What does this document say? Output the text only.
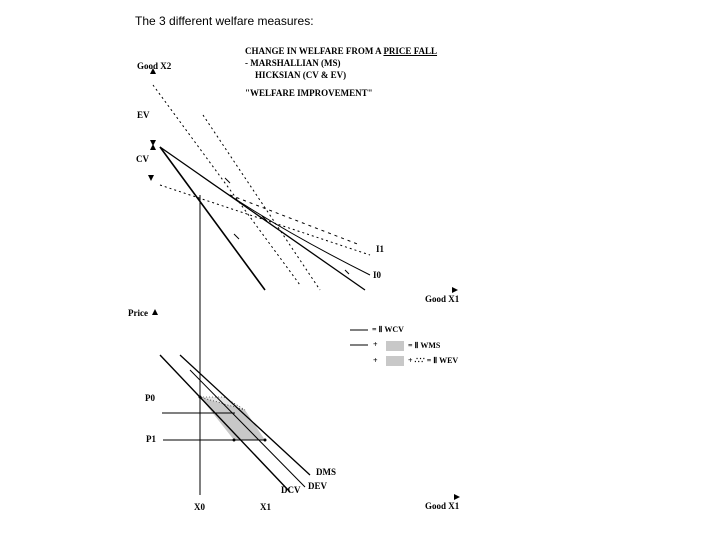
The 3 different welfare measures:
CHANGE IN WELFARE FROM A PRICE FALL
- MARSHALLIAN (MS)
HICKSIAN (CV & EV)
"WELFARE IMPROVEMENT"
Good X2
EV
CV
I1
I0
Good X1
Price
P0
P1
DMS
DCV DEV
X0	X1	Good X1
= Ⅱ WCV
+	= Ⅱ WMS
+	+ ∴∵ = Ⅱ WEV
